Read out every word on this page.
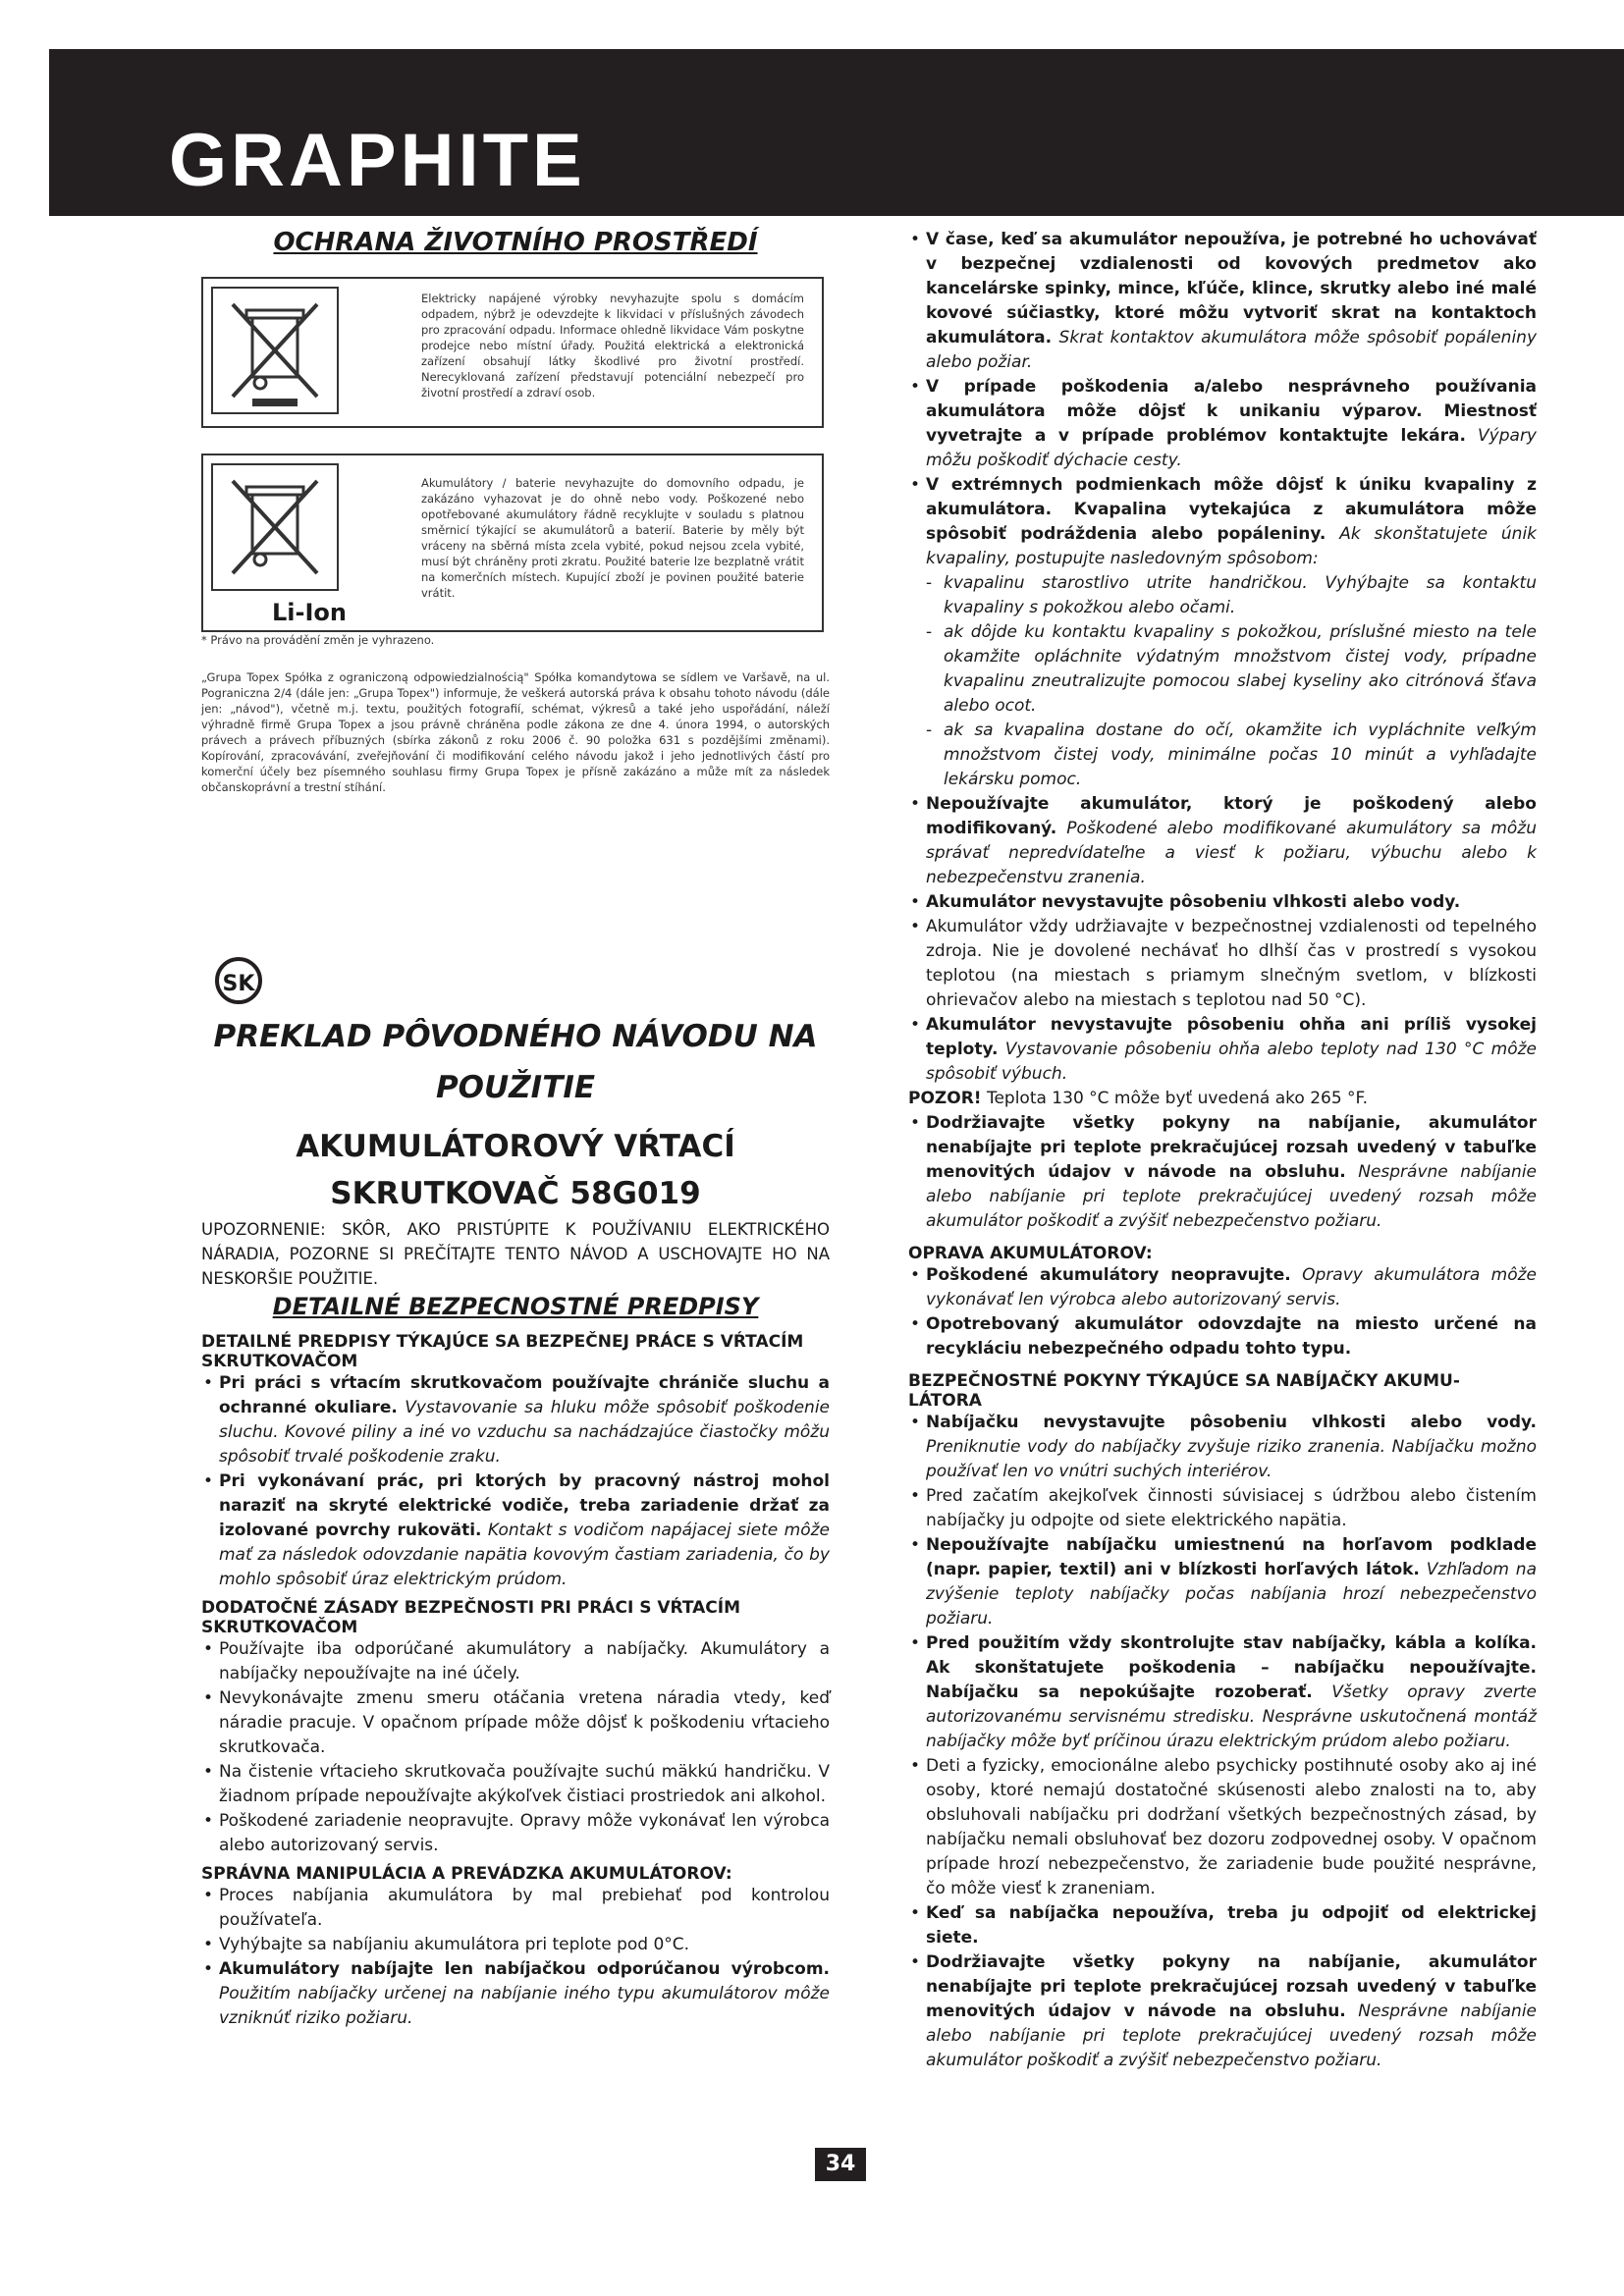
GRAPHITE

OCHRANA ŽIVOTNÍHO PROSTŘEDÍ

Elektricky napájené výrobky nevyhazujte spolu s domácím odpadem, nýbrž je odevzdejte k likvidaci v příslušných závodech pro zpracování odpadu. Informace ohledně likvidace Vám poskytne prodejce nebo místní úřady. Použitá elektrická a elektronická zařízení obsahují látky škodlivé pro životní prostředí. Nerecyklovaná zařízení představují potenciální nebezpečí pro životní prostředí a zdraví osob.
Li-Ion
Akumulátory / baterie nevyhazujte do domovního odpadu, je zakázáno vyhazovat je do ohně nebo vody. Poškozené nebo opotřebované akumulátory řádně recyklujte v souladu s platnou směrnicí týkající se akumulátorů a baterií. Baterie by měly být vráceny na sběrná místa zcela vybité, pokud nejsou zcela vybité, musí být chráněny proti zkratu. Použité baterie lze bezplatně vrátit na komerčních místech. Kupující zboží je povinen použité baterie vrátit.

* Právo na provádění změn je vyhrazeno.

„Grupa Topex Spółka z ograniczoną odpowiedzialnością" Spółka komandytowa se sídlem ve Varšavě, na ul. Pograniczna 2/4 (dále jen: „Grupa Topex") informuje, že veškerá autorská práva k obsahu tohoto návodu (dále jen: „návod"), včetně m.j. textu, použitých fotografií, schémat, výkresů a také jeho uspořádání, náleží výhradně firmě Grupa Topex a jsou právně chráněna podle zákona ze dne 4. února 1994, o autorských právech a právech příbuzných (sbírka zákonů z roku 2006 č. 90 položka 631 s pozdějšími změnami). Kopírování, zpracovávání, zveřejňování či modifikování celého návodu jakož i jeho jednotlivých částí pro komerční účely bez písemného souhlasu firmy Grupa Topex je přísně zakázáno a může mít za následek občanskoprávní a trestní stíhání.

SK
PREKLAD PÔVODNÉHO NÁVODU NA
POUŽITIE
AKUMULÁTOROVÝ VŔTACÍ
SKRUTKOVAČ 58G019

UPOZORNENIE: SKÔR, AKO PRISTÚPITE K POUŽÍVANIU ELEKTRICKÉHO NÁRADIA, POZORNE SI PREČÍTAJTE TENTO NÁVOD A USCHOVAJTE HO NA NESKORŠIE POUŽITIE.

DETAILNÉ BEZPECNOSTNÉ PREDPISY

DETAILNÉ PREDPISY TÝKAJÚCE SA BEZPEČNEJ PRÁCE S VŔTACÍM SKRUTKOVAČOM

• Pri práci s vŕtacím skrutkovačom používajte chrániče sluchu a ochranné okuliare. Vystavovanie sa hluku môže spôsobiť poškodenie sluchu. Kovové piliny a iné vo vzduchu sa nachádzajúce čiastočky môžu spôsobiť trvalé poškodenie zraku.
• Pri vykonávaní prác, pri ktorých by pracovný nástroj mohol naraziť na skryté elektrické vodiče, treba zariadenie držať za izolované povrchy rukoväti. Kontakt s vodičom napájacej siete môže mať za následok odovzdanie napätia kovovým častiam zariadenia, čo by mohlo spôsobiť úraz elektrickým prúdom.

DODATOČNÉ ZÁSADY BEZPEČNOSTI PRI PRÁCI S VŔTACÍM SKRUTKOVAČOM

• Používajte iba odporúčané akumulátory a nabíjačky. Akumulátory a nabíjačky nepoužívajte na iné účely.
• Nevykonávajte zmenu smeru otáčania vretena náradia vtedy, keď náradie pracuje. V opačnom prípade môže dôjsť k poškodeniu vŕtacieho skrutkovača.
• Na čistenie vŕtacieho skrutkovača používajte suchú mäkkú handričku. V žiadnom prípade nepoužívajte akýkoľvek čistiaci prostriedok ani alkohol.
• Poškodené zariadenie neopravujte. Opravy môže vykonávať len výrobca alebo autorizovaný servis.

SPRÁVNA MANIPULÁCIA A PREVÁDZKA AKUMULÁTOROV:

• Proces nabíjania akumulátora by mal prebiehať pod kontrolou používateľa.
• Vyhýbajte sa nabíjaniu akumulátora pri teplote pod 0°C.
• Akumulátory nabíjajte len nabíjačkou odporúčanou výrobcom. Použitím nabíjačky určenej na nabíjanie iného typu akumulátorov môže vzniknúť riziko požiaru.
• V čase, keď sa akumulátor nepoužíva, je potrebné ho uchovávať v bezpečnej vzdialenosti od kovových predmetov ako kancelárske spinky, mince, kľúče, klince, skrutky alebo iné malé kovové súčiastky, ktoré môžu vytvoriť skrat na kontaktoch akumulátora. Skrat kontaktov akumulátora môže spôsobiť popáleniny alebo požiar.
• V prípade poškodenia a/alebo nesprávneho používania akumulátora môže dôjsť k unikaniu výparov. Miestnosť vyvetrajte a v prípade problémov kontaktujte lekára. Výpary môžu poškodiť dýchacie cesty.
• V extrémnych podmienkach môže dôjsť k úniku kvapaliny z akumulátora. Kvapalina vytekajúca z akumulátora môže spôsobiť podráždenia alebo popáleniny. Ak skonštatujete únik kvapaliny, postupujte nasledovným spôsobom:
- kvapalinu starostlivo utrite handričkou. Vyhýbajte sa kontaktu kvapaliny s pokožkou alebo očami.
- ak dôjde ku kontaktu kvapaliny s pokožkou, príslušné miesto na tele okamžite opláchnite výdatným množstvom čistej vody, prípadne kvapalinu zneutralizujte pomocou slabej kyseliny ako citrónová šťava alebo ocot.
- ak sa kvapalina dostane do očí, okamžite ich vypláchnite veľkým množstvom čistej vody, minimálne počas 10 minút a vyhľadajte lekársku pomoc.
• Nepoužívajte akumulátor, ktorý je poškodený alebo modifikovaný. Poškodené alebo modifikované akumulátory sa môžu správať nepredvídateľne a viesť k požiaru, výbuchu alebo k nebezpečenstvu zranenia.
• Akumulátor nevystavujte pôsobeniu vlhkosti alebo vody.
• Akumulátor vždy udržiavajte v bezpečnostnej vzdialenosti od tepelného zdroja. Nie je dovolené nechávať ho dlhší čas v prostredí s vysokou teplotou (na miestach s priamym slnečným svetlom, v blízkosti ohrievačov alebo na miestach s teplotou nad 50 °C).
• Akumulátor nevystavujte pôsobeniu ohňa ani príliš vysokej teploty. Vystavovanie pôsobeniu ohňa alebo teploty nad 130 °C môže spôsobiť výbuch.

POZOR! Teplota 130 °C môže byť uvedená ako 265 °F.

• Dodržiavajte všetky pokyny na nabíjanie, akumulátor nenabíjajte pri teplote prekračujúcej rozsah uvedený v tabuľke menovitých údajov v návode na obsluhu. Nesprávne nabíjanie alebo nabíjanie pri teplote prekračujúcej uvedený rozsah môže akumulátor poškodiť a zvýšiť nebezpečenstvo požiaru.

OPRAVA AKUMULÁTOROV:

• Poškodené akumulátory neopravujte. Opravy akumulátora môže vykonávať len výrobca alebo autorizovaný servis.
• Opotrebovaný akumulátor odovzdajte na miesto určené na recykláciu nebezpečného odpadu tohto typu.

BEZPEČNOSTNÉ POKYNY TÝKAJÚCE SA NABÍJAČKY AKUMU- LÁTORA

• Nabíjačku nevystavujte pôsobeniu vlhkosti alebo vody. Preniknutie vody do nabíjačky zvyšuje riziko zranenia. Nabíjačku možno používať len vo vnútri suchých interiérov.
• Pred začatím akejkoľvek činnosti súvisiacej s údržbou alebo čistením nabíjačky ju odpojte od siete elektrického napätia.
• Nepoužívajte nabíjačku umiestnenú na horľavom podklade (napr. papier, textil) ani v blízkosti horľavých látok. Vzhľadom na zvýšenie teploty nabíjačky počas nabíjania hrozí nebezpečenstvo požiaru.
• Pred použitím vždy skontrolujte stav nabíjačky, kábla a kolíka. Ak skonštatujete poškodenia – nabíjačku nepoužívajte. Nabíjačku sa nepokúšajte rozoberať. Všetky opravy zverte autorizovanému servisnému stredisku. Nesprávne uskutočnená montáž nabíjačky môže byť príčinou úrazu elektrickým prúdom alebo požiaru.
• Deti a fyzicky, emocionálne alebo psychicky postihnuté osoby ako aj iné osoby, ktoré nemajú dostatočné skúsenosti alebo znalosti na to, aby obsluhovali nabíjačku pri dodržaní všetkých bezpečnostných zásad, by nabíjačku nemali obsluhovať bez dozoru zodpovednej osoby. V opačnom prípade hrozí nebezpečenstvo, že zariadenie bude použité nesprávne, čo môže viesť k zraneniam.
• Keď sa nabíjačka nepoužíva, treba ju odpojiť od elektrickej siete.
• Dodržiavajte všetky pokyny na nabíjanie, akumulátor nenabíjajte pri teplote prekračujúcej rozsah uvedený v tabuľke menovitých údajov v návode na obsluhu. Nesprávne nabíjanie alebo nabíjanie pri teplote prekračujúcej uvedený rozsah môže akumulátor poškodiť a zvýšiť nebezpečenstvo požiaru.
34
